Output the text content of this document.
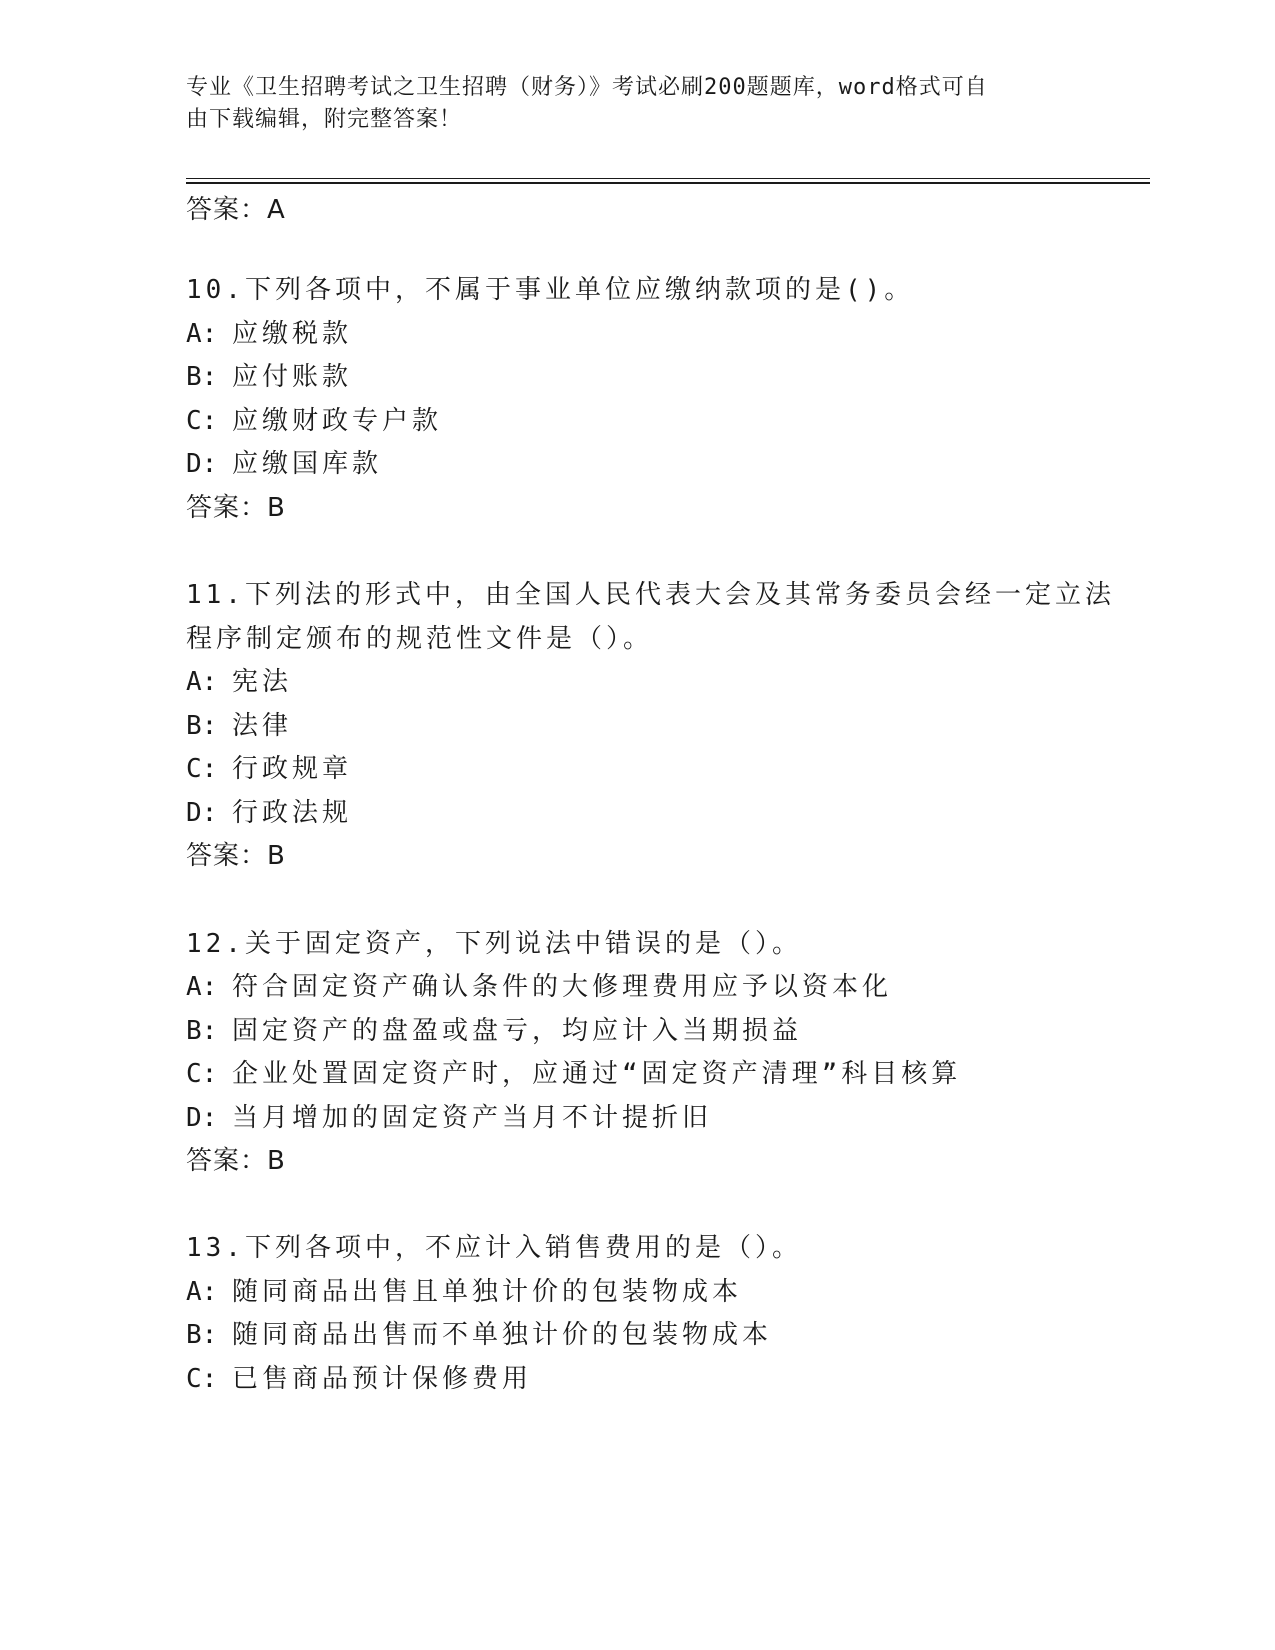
专业《卫生招聘考试之卫生招聘（财务）》考试必刷200题题库，word格式可自
由下载编辑，附完整答案！
答案：A
10.下列各项中，不属于事业单位应缴纳款项的是()。
A: 应缴税款
B: 应付账款
C: 应缴财政专户款
D: 应缴国库款
答案：B
11.下列法的形式中，由全国人民代表大会及其常务委员会经一定立法
程序制定颁布的规范性文件是（）。
A: 宪法
B: 法律
C: 行政规章
D: 行政法规
答案：B
12.关于固定资产，下列说法中错误的是（）。
A: 符合固定资产确认条件的大修理费用应予以资本化
B: 固定资产的盘盈或盘亏，均应计入当期损益
C: 企业处置固定资产时，应通过“固定资产清理”科目核算
D: 当月增加的固定资产当月不计提折旧
答案：B
13.下列各项中，不应计入销售费用的是（）。
A: 随同商品出售且单独计价的包装物成本
B: 随同商品出售而不单独计价的包装物成本
C: 已售商品预计保修费用
